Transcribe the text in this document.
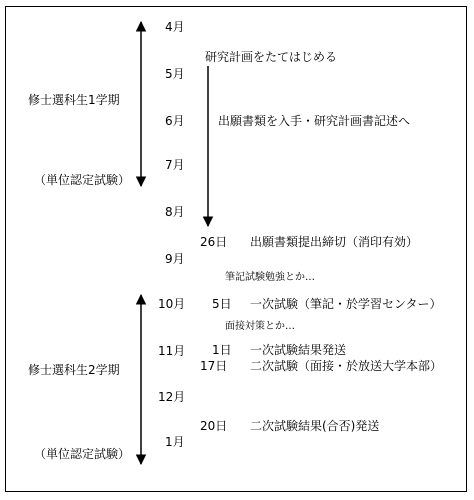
修士選科生1学期
（単位認定試験）
修士選科生2学期
（単位認定試験）
4月
5月
6月
7月
8月
9月
10月
11月
12月
1月
研究計画をたてはじめる
出願書類を入手・研究計画書記述へ
26日 出願書類提出締切（消印有効）
筆記試験勉強とか…
5日 一次試験（筆記・於学習センター）
面接対策とか…
1日 一次試験結果発送
17日 二次試験（面接・於放送大学本部）
20日 二次試験結果(合否)発送
